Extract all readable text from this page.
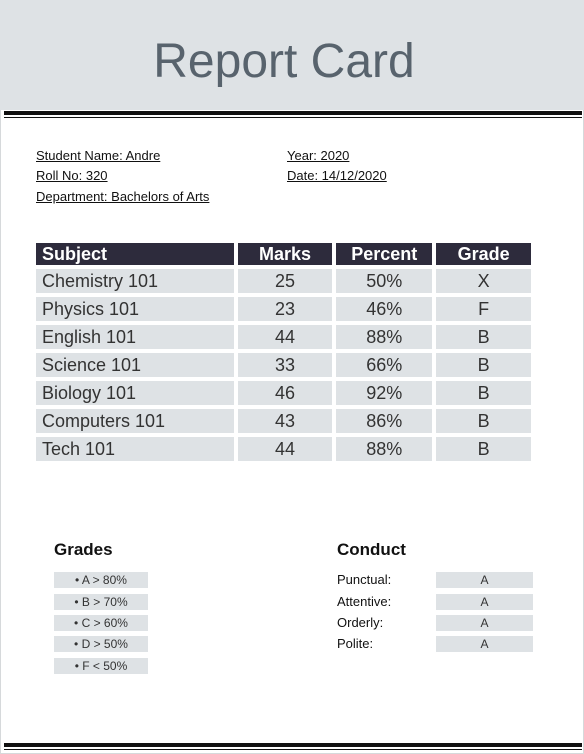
Report Card
Student Name: Andre
Roll No: 320
Department: Bachelors of Arts
Year: 2020
Date: 14/12/2020
Subject	Marks	Percent	Grade
Chemistry 101	25	50%	X
Physics 101	23	46%	F
English 101	44	88%	B
Science 101	33	66%	B
Biology 101	46	92%	B
Computers 101	43	86%	B
Tech 101	44	88%	B
Grades
• A > 80%
• B > 70%
• C > 60%
• D > 50%
• F < 50%
Conduct
Punctual:	A
Attentive:	A
Orderly:	A
Polite:	A
